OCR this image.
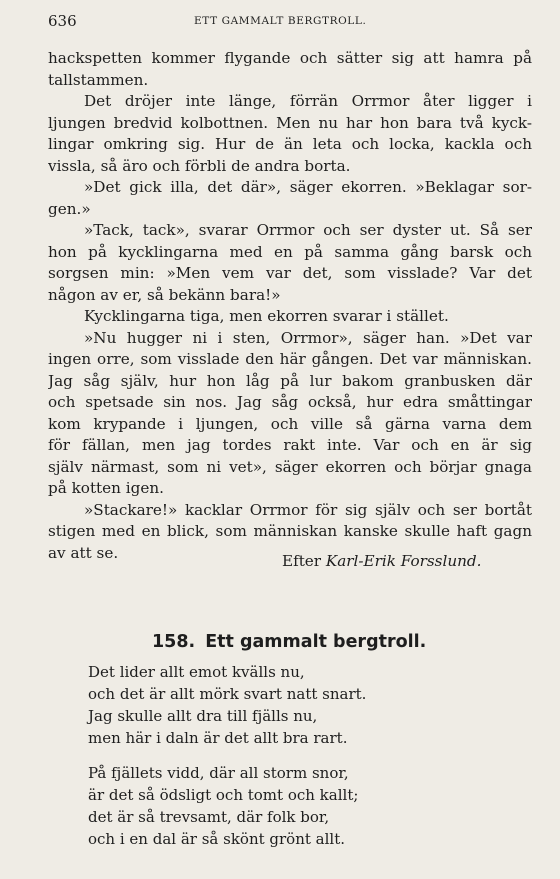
636	ETT GAMMALT BERGTROLL.
hackspetten kommer flygande och sätter sig att hamra på
tallstammen.
Det dröjer inte länge, förrän Orrmor åter ligger i
ljungen bredvid kolbottnen. Men nu har hon bara två kyck-
lingar omkring sig. Hur de än leta och locka, kackla och
vissla, så äro och förbli de andra borta.
»Det gick illa, det där», säger ekorren. »Beklagar sor-
gen.»
»Tack, tack», svarar Orrmor och ser dyster ut. Så ser
hon på kycklingarna med en på samma gång barsk och
sorgsen min: »Men vem var det, som visslade? Var det
någon av er, så bekänn bara!»
Kycklingarna tiga, men ekorren svarar i stället.
»Nu hugger ni i sten, Orrmor», säger han. »Det var
ingen orre, som visslade den här gången. Det var människan.
Jag såg själv, hur hon låg på lur bakom granbusken där
och spetsade sin nos. Jag såg också, hur edra småttingar
kom krypande i ljungen, och ville så gärna varna dem
för fällan, men jag tordes rakt inte. Var och en är sig
själv närmast, som ni vet», säger ekorren och börjar gnaga
på kotten igen.
»Stackare!» kacklar Orrmor för sig själv och ser bortåt
stigen med en blick, som människan kanske skulle haft gagn
av att se.	Efter Karl-Erik Forsslund.
158. Ett gammalt bergtroll.
Det lider allt emot kvälls nu,
och det är allt mörk svart natt snart.
Jag skulle allt dra till fjälls nu,
men här i daln är det allt bra rart.
På fjällets vidd, där all storm snor,
är det så ödsligt och tomt och kallt;
det är så trevsamt, där folk bor,
och i en dal är så skönt grönt allt.
